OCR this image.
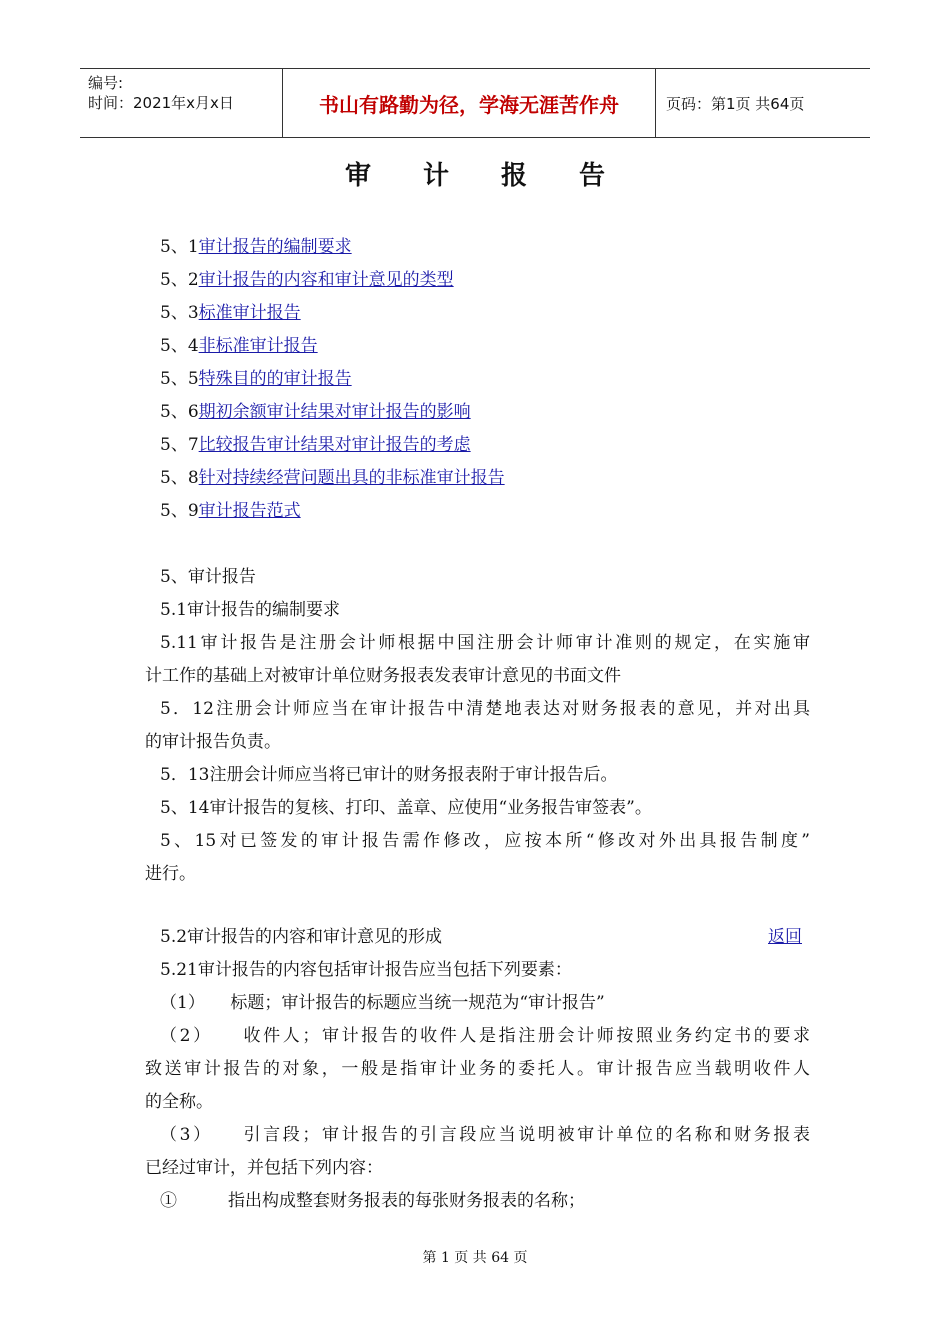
编号:
时间：2021年x月x日	书山有路勤为径，学海无涯苦作舟	页码：第1页 共64页
审计报告
5、1审计报告的编制要求
5、2审计报告的内容和审计意见的类型
5、3标准审计报告
5、4非标准审计报告
5、5特殊目的的审计报告
5、6期初余额审计结果对审计报告的影响
5、7比较报告审计结果对审计报告的考虑
5、8针对持续经营问题出具的非标准审计报告
5、9审计报告范式
5、审计报告
5.1审计报告的编制要求
5.11审计报告是注册会计师根据中国注册会计师审计准则的规定，在实施审
计工作的基础上对被审计单位财务报表发表审计意见的书面文件
5．12注册会计师应当在审计报告中清楚地表达对财务报表的意见，并对出具
的审计报告负责。
5．13注册会计师应当将已审计的财务报表附于审计报告后。
5、14审计报告的复核、打印、盖章、应使用“业务报告审签表”。
5、15对已签发的审计报告需作修改，应按本所“修改对外出具报告制度”
进行。
5.2审计报告的内容和审计意见的形成	返回
5.21审计报告的内容包括审计报告应当包括下列要素：
（1）　　标题；审计报告的标题应当统一规范为“审计报告”
（2）　　收件人；审计报告的收件人是指注册会计师按照业务约定书的要求
致送审计报告的对象，一般是指审计业务的委托人。审计报告应当载明收件人
的全称。
（3）　　引言段；审计报告的引言段应当说明被审计单位的名称和财务报表
已经过审计，并包括下列内容：
①　　　指出构成整套财务报表的每张财务报表的名称；
第 1 页 共 64 页
